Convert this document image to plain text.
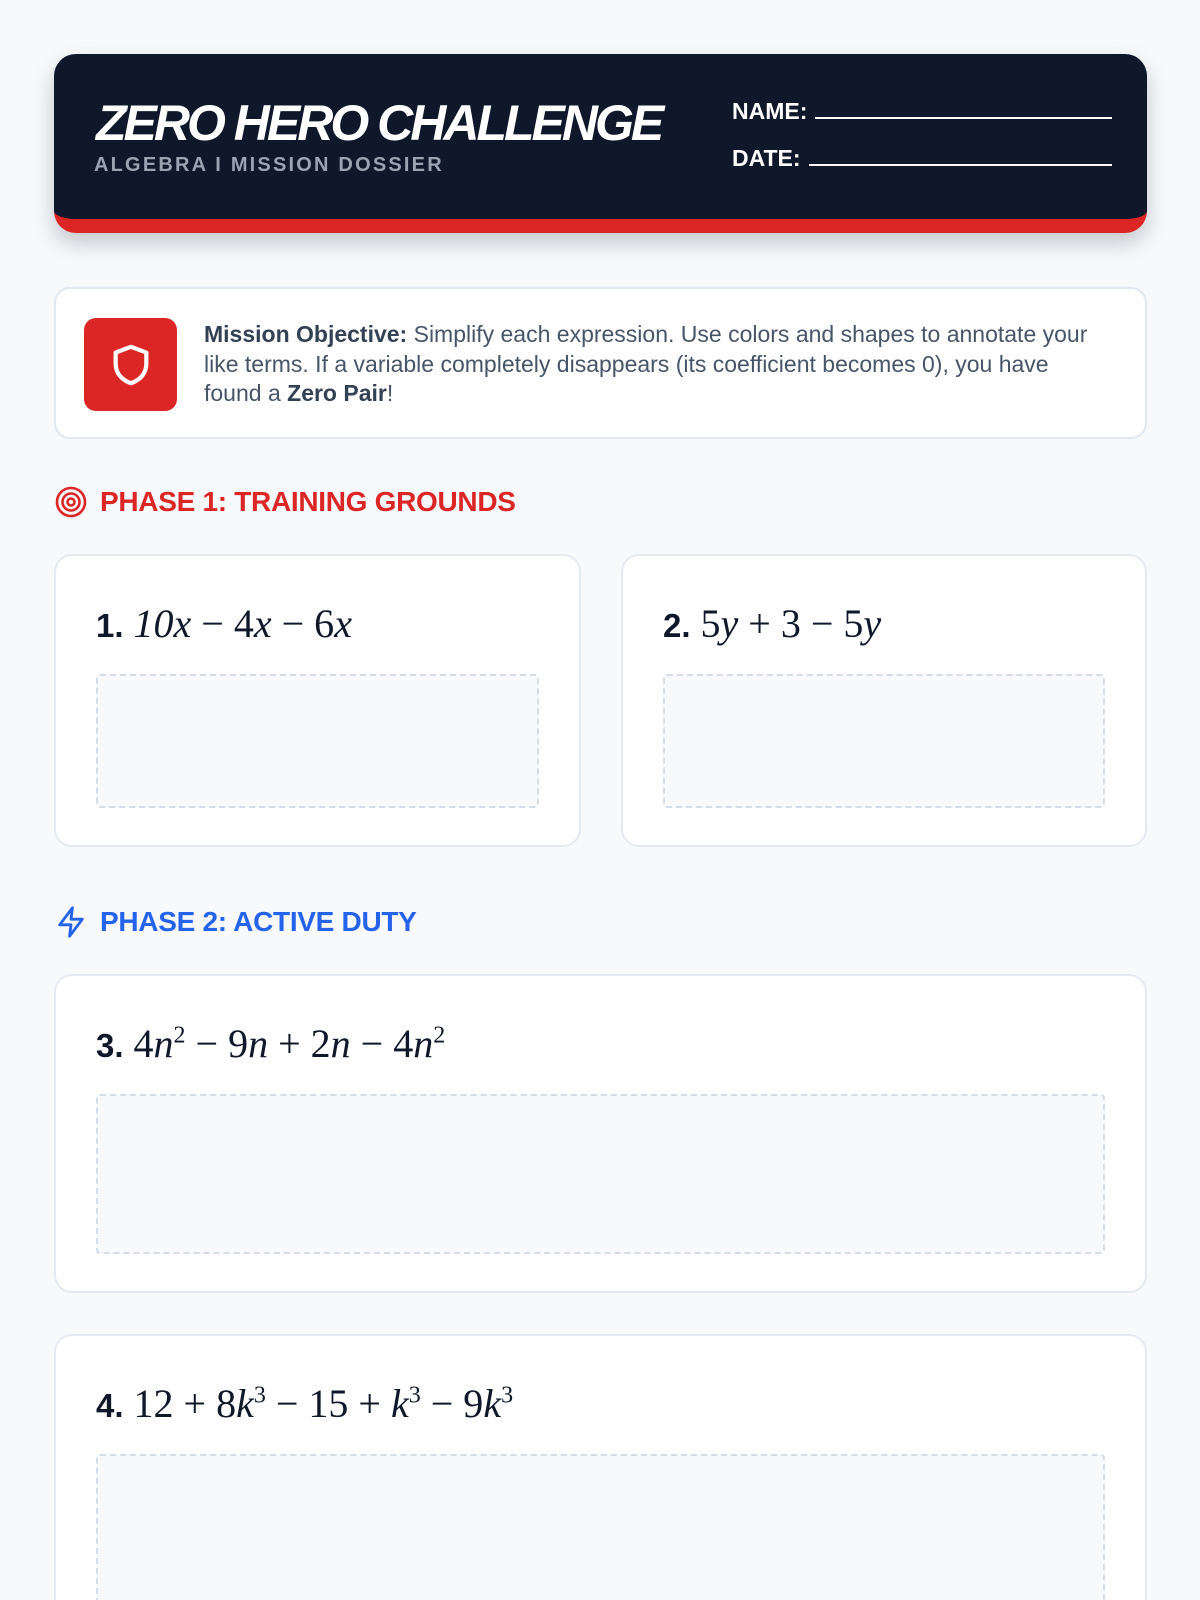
ZERO HERO CHALLENGE
ALGEBRA I MISSION DOSSIER
NAME:
DATE:
Mission Objective: Simplify each expression. Use colors and shapes to annotate your like terms. If a variable completely disappears (its coefficient becomes 0), you have found a Zero Pair!
PHASE 1: TRAINING GROUNDS
1. 10x − 4x − 6x	2. 5y + 3 − 5y
PHASE 2: ACTIVE DUTY
3. $4n^2 - 9n + 2n - 4n^2$
4. $12 + 8k^3 - 15 + k^3 - 9k^3$
